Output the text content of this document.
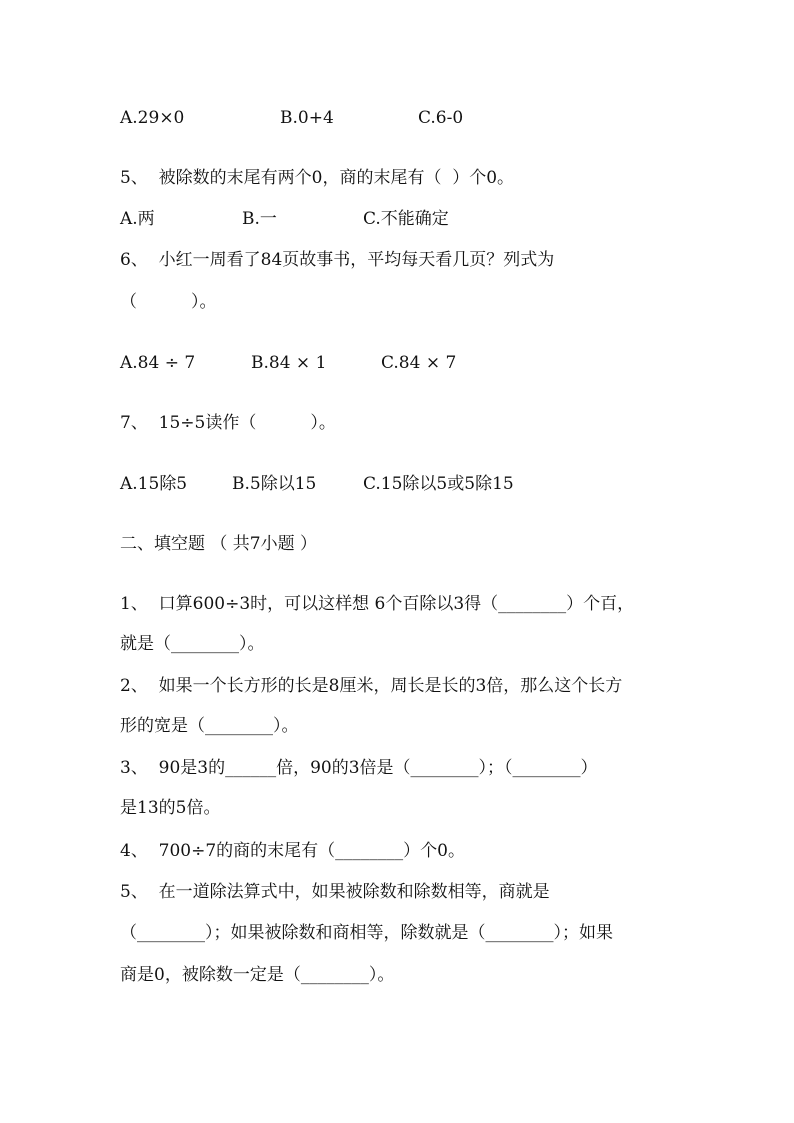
A.29×0	B.0+4	C.6-0
5、  被除数的末尾有两个0，商的末尾有（  ）个0。
A.两	B.一	C.不能确定
6、  小红一周看了84页故事书，平均每天看几页？列式为
（          ）。
A.84 ÷ 7	B.84 × 1	C.84 × 7
7、  15÷5读作（          ）。
A.15除5	B.5除以15	C.15除以5或5除15
二、填空题 （ 共7小题 ）
1、  口算600÷3时，可以这样想 6个百除以3得（________）个百，
就是（________）。
2、  如果一个长方形的长是8厘米，周长是长的3倍，那么这个长方
形的宽是（________）。
3、  90是3的______倍，90的3倍是（________）；（________）
是13的5倍。
4、  700÷7的商的末尾有（________）个0。
5、  在一道除法算式中，如果被除数和除数相等，商就是
（________）；如果被除数和商相等，除数就是（________）；如果
商是0，被除数一定是（________）。
